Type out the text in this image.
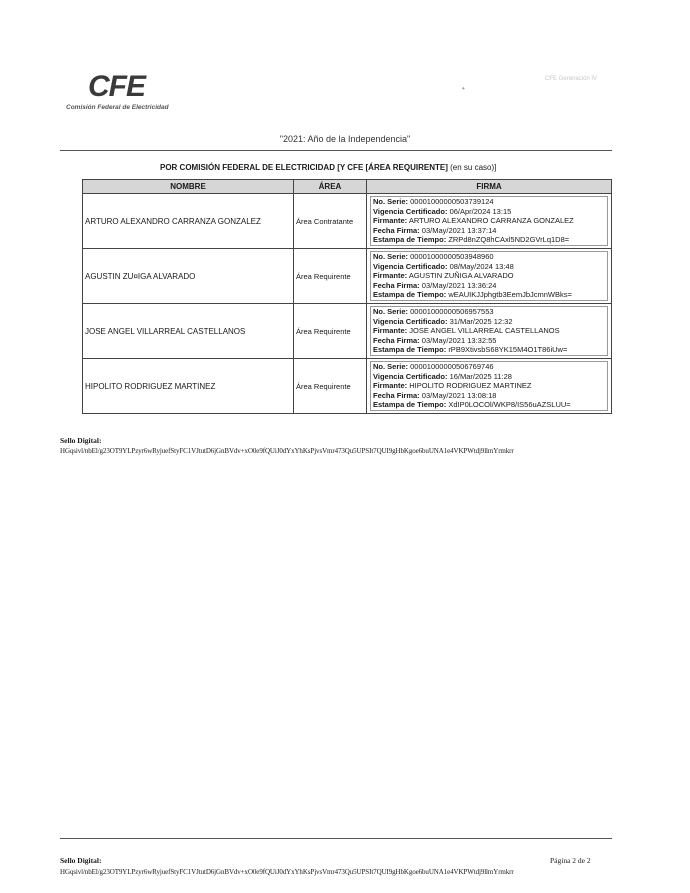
CFE
Comisión Federal de Electricidad
•
CFE Generación IV
"2021: Año de la Independencia"
POR COMISIÓN FEDERAL DE ELECTRICIDAD [Y CFE [ÁREA REQUIRENTE] (en su caso)]
NOMBRE	ÁREA	FIRMA
ARTURO ALEXANDRO CARRANZA GONZALEZ	Área Contratante	No. Serie: 00001000000503739124
Vigencia Certificado: 06/Apr/2024 13:15
Firmante: ARTURO ALEXANDRO CARRANZA GONZALEZ
Fecha Firma: 03/May/2021 13:37:14
Estampa de Tiempo: ZRPd8nZQ8hCAxl5ND2GVrLq1D8=

AGUSTIN ZU¤IGA ALVARADO	Área Requirente	No. Serie: 00001000000503948960
Vigencia Certificado: 08/May/2024 13:48
Firmante: AGUSTIN ZUÑIGA ALVARADO
Fecha Firma: 03/May/2021 13:36:24
Estampa de Tiempo: wEAUIKJJphgtb3EemJbJcmnWBks=

JOSE ANGEL VILLARREAL CASTELLANOS	Área Requirente	No. Serie: 00001000000506957553
Vigencia Certificado: 31/Mar/2025 12:32
Firmante: JOSE ANGEL VILLARREAL CASTELLANOS
Fecha Firma: 03/May/2021 13:32:55
Estampa de Tiempo: rPB9XtivsbS68YK15M4O1T86iUw=

HIPOLITO RODRIGUEZ MARTINEZ	Área Requirente	No. Serie: 00001000000506769746
Vigencia Certificado: 16/Mar/2025 11:28
Firmante: HIPOLITO RODRIGUEZ MARTINEZ
Fecha Firma: 03/May/2021 13:08:18
Estampa de Tiempo: XdIP0LOCOl/WKP8/IS56uAZSLUU=
Sello Digital:
HGqsivl/nbEl/g23OT9YLPzyr6wRyjuefStyFC1VJtutD6jGnBVdv+xO0e9fQUiJ0dYxYhKsPjvsVmr473Qu5UPSIt7QUI9gHbKgoe6buUNA1e4VKPWtdj9llmYrmkrr
Sello Digital:	Página 2 de 2
HGqsivl/nbEl/g23OT9YLPzyr6wRyjuefStyFC1VJtutD6jGnBVdv+xO0e9fQUiJ0dYxYhKsPjvsVmr473Qu5UPSIt7QUI9gHbKgoe6buUNA1e4VKPWtdj9llmYrmkrr
